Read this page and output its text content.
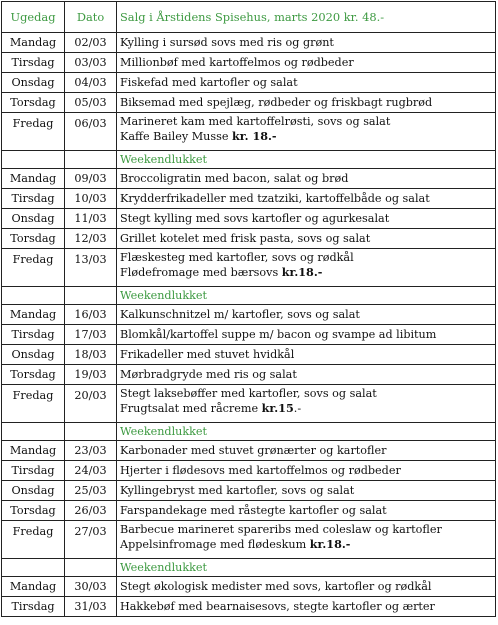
Ugedag	Dato	Salg i Årstidens Spisehus, marts 2020 kr. 48.-
Mandag	02/03	Kylling i sursød sovs med ris og grønt

Tirsdag	03/03	Millionbøf med kartoffelmos og rødbeder

Onsdag	04/03	Fiskefad med kartofler og salat

Torsdag	05/03	Biksemad med spejlæg, rødbeder og friskbagt rugbrød

Fredag	06/03	Marineret kam med kartoffelrøsti, sovs og salat
Kaffe Bailey Musse kr. 18.-

		Weekendlukket
Mandag	09/03	Broccoligratin med bacon, salat og brød

Tirsdag	10/03	Krydderfrikadeller med tzatziki, kartoffelbåde og salat

Onsdag	11/03	Stegt kylling med sovs kartofler og agurkesalat

Torsdag	12/03	Grillet kotelet med frisk pasta, sovs og salat

Fredag	13/03	Flæskesteg med kartofler, sovs og rødkål
Flødefromage med bærsovs kr.18.-

		Weekendlukket
Mandag	16/03	Kalkunschnitzel m/ kartofler, sovs og salat

Tirsdag	17/03	Blomkål/kartoffel suppe m/ bacon og svampe ad libitum

Onsdag	18/03	Frikadeller med stuvet hvidkål

Torsdag	19/03	Mørbradgryde med ris og salat

Fredag	20/03	Stegt laksebøffer med kartofler, sovs og salat
Frugtsalat med råcreme kr.15.-

		Weekendlukket
Mandag	23/03	Karbonader med stuvet grønærter og kartofler

Tirsdag	24/03	Hjerter i flødesovs med kartoffelmos og rødbeder

Onsdag	25/03	Kyllingebryst med kartofler, sovs og salat

Torsdag	26/03	Farspandekage med råstegte kartofler og salat

Fredag	27/03	Barbecue marineret spareribs med coleslaw og kartofler
Appelsinfromage med flødeskum kr.18.-

		Weekendlukket
Mandag	30/03	Stegt økologisk medister med sovs, kartofler og rødkål

Tirsdag	31/03	Hakkebøf med bearnaisesovs, stegte kartofler og ærter
